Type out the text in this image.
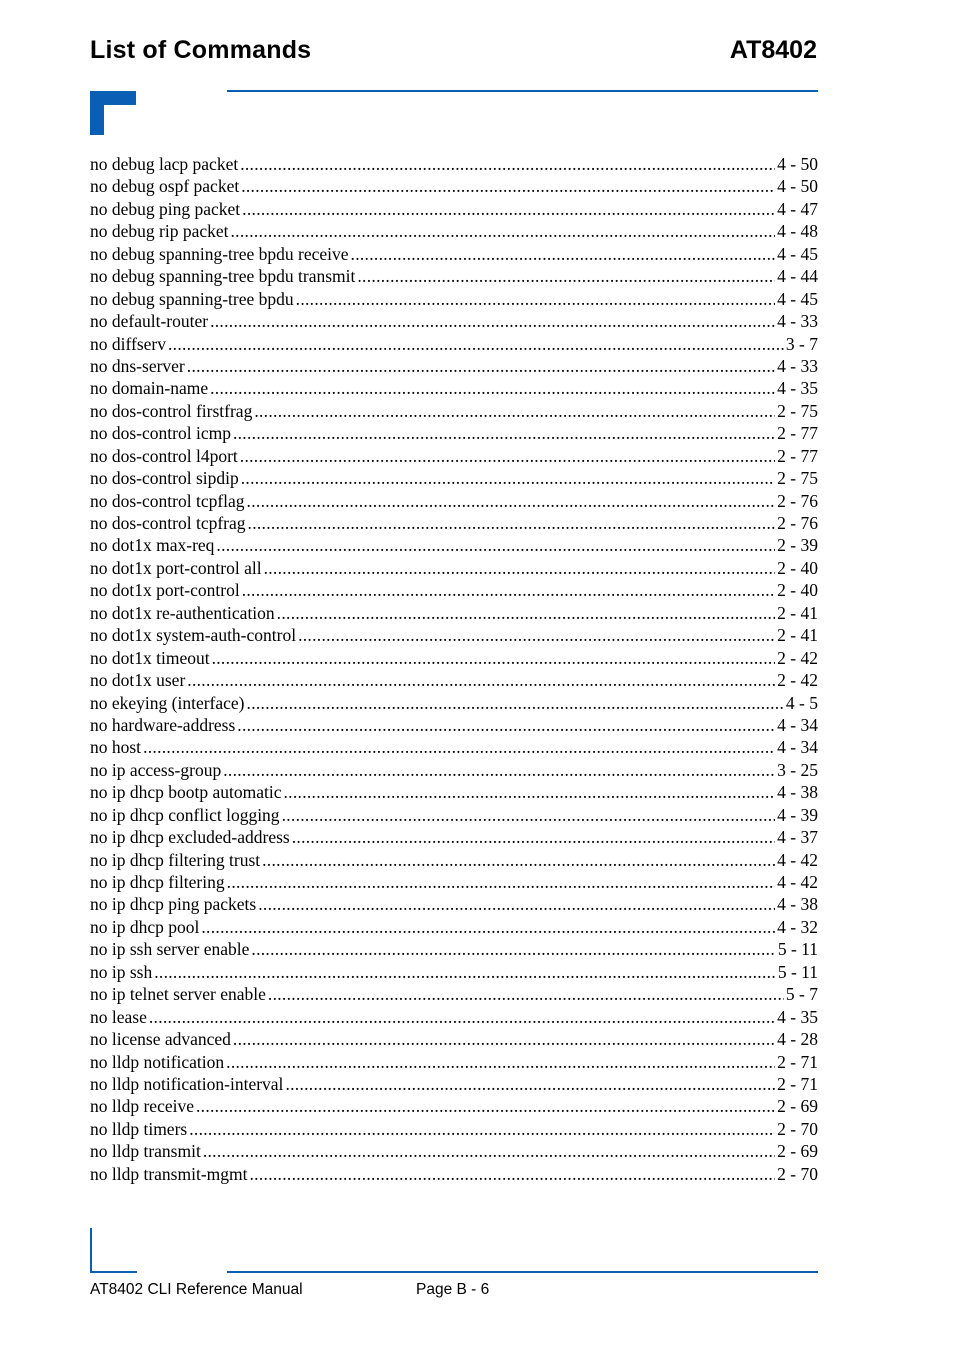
List of Commands	AT8402
no debug lacp packet .....	4 - 50
no debug ospf packet .....	4 - 50
no debug ping packet .....	4 - 47
no debug rip packet .....	4 - 48
no debug spanning-tree bpdu receive .....	4 - 45
no debug spanning-tree bpdu transmit .....	4 - 44
no debug spanning-tree bpdu .....	4 - 45
no default-router .....	4 - 33
no diffserv .....	3 - 7
no dns-server .....	4 - 33
no domain-name .....	4 - 35
no dos-control firstfrag .....	2 - 75
no dos-control icmp .....	2 - 77
no dos-control l4port .....	2 - 77
no dos-control sipdip .....	2 - 75
no dos-control tcpflag .....	2 - 76
no dos-control tcpfrag .....	2 - 76
no dot1x max-req .....	2 - 39
no dot1x port-control all .....	2 - 40
no dot1x port-control .....	2 - 40
no dot1x re-authentication .....	2 - 41
no dot1x system-auth-control .....	2 - 41
no dot1x timeout .....	2 - 42
no dot1x user .....	2 - 42
no ekeying (interface) .....	4 - 5
no hardware-address .....	4 - 34
no host .....	4 - 34
no ip access-group .....	3 - 25
no ip dhcp bootp automatic .....	4 - 38
no ip dhcp conflict logging .....	4 - 39
no ip dhcp excluded-address .....	4 - 37
no ip dhcp filtering trust .....	4 - 42
no ip dhcp filtering .....	4 - 42
no ip dhcp ping packets .....	4 - 38
no ip dhcp pool .....	4 - 32
no ip ssh server enable .....	5 - 11
no ip ssh .....	5 - 11
no ip telnet server enable .....	5 - 7
no lease .....	4 - 35
no license advanced .....	4 - 28
no lldp notification .....	2 - 71
no lldp notification-interval .....	2 - 71
no lldp receive .....	2 - 69
no lldp timers .....	2 - 70
no lldp transmit .....	2 - 69
no lldp transmit-mgmt .....	2 - 70
AT8402 CLI Reference Manual	Page B - 6
